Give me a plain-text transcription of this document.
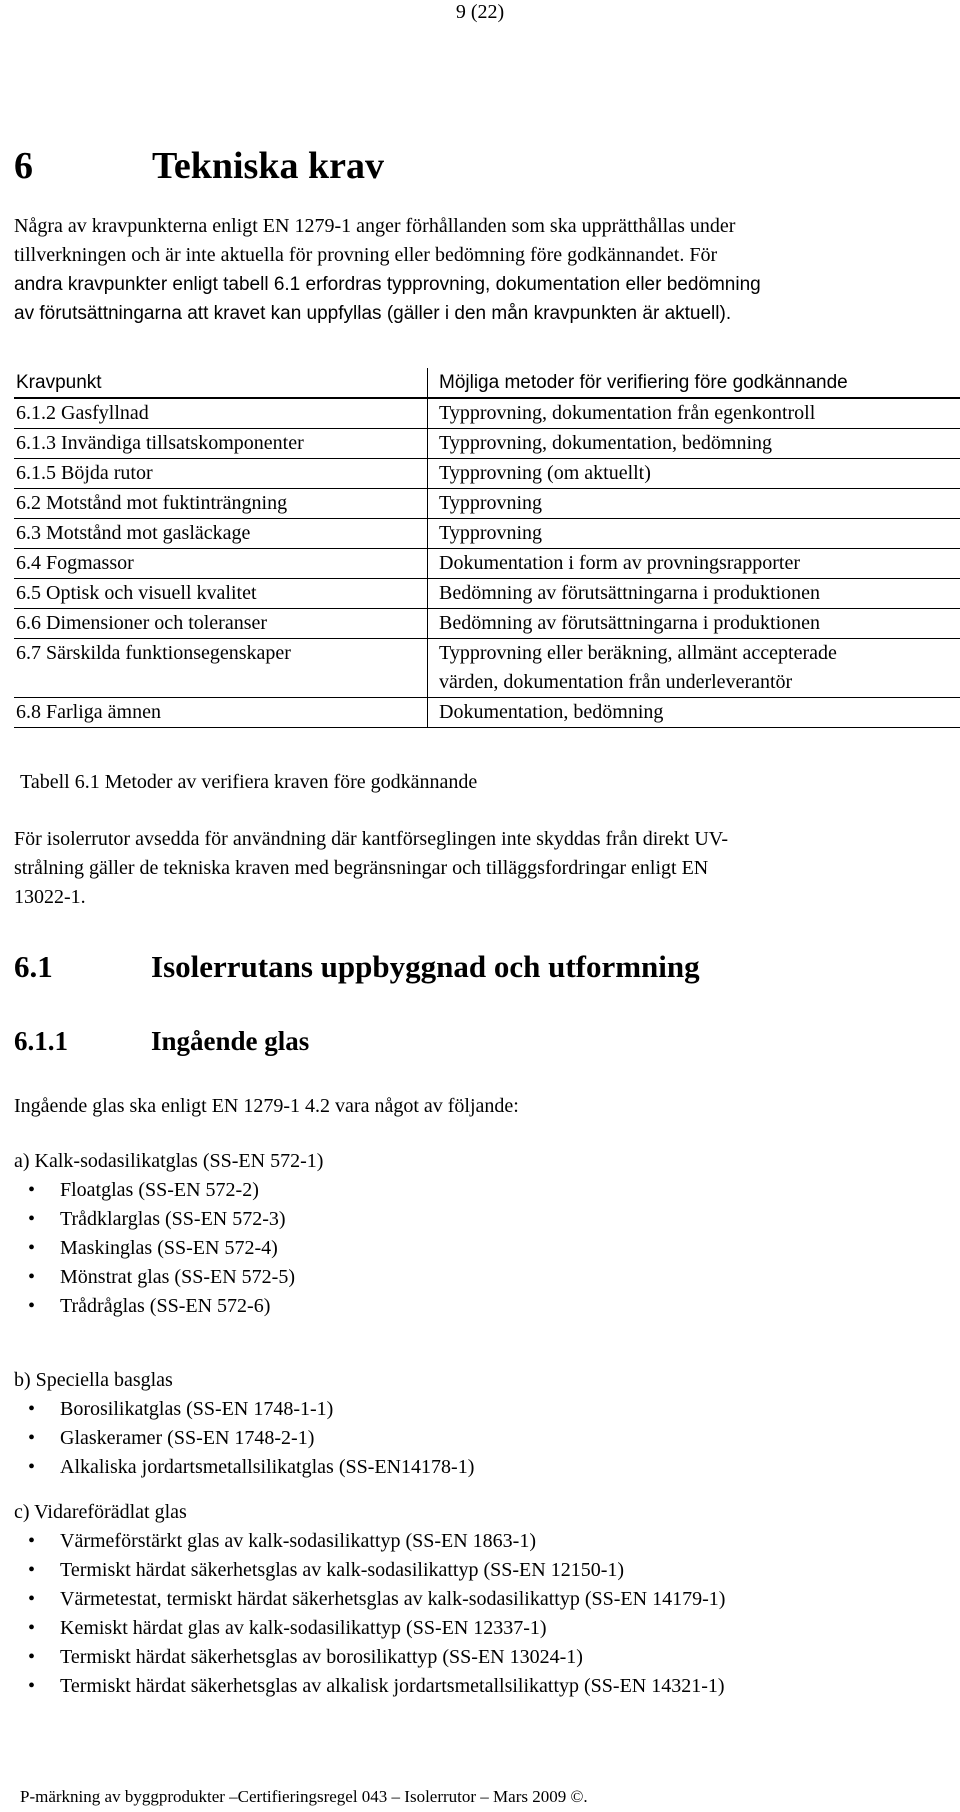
9 (22)
6	Tekniska krav

Några av kravpunkterna enligt EN 1279-1 anger förhållanden som ska upprätthållas under
tillverkningen och är inte aktuella för provning eller bedömning före godkännandet. För
andra kravpunkter enligt tabell 6.1 erfordras typprovning, dokumentation eller bedömning
av förutsättningarna att kravet kan uppfyllas (gäller i den mån kravpunkten är aktuell).

Kravpunkt	Möjliga metoder för verifiering före godkännande
6.1.2 Gasfyllnad	Typprovning, dokumentation från egenkontroll

6.1.3 Invändiga tillsatskomponenter	Typprovning, dokumentation, bedömning

6.1.5 Böjda rutor	Typprovning (om aktuellt)

6.2 Motstånd mot fuktinträngning	Typprovning

6.3 Motstånd mot gasläckage	Typprovning

6.4 Fogmassor	Dokumentation i form av provningsrapporter

6.5 Optisk och visuell kvalitet	Bedömning av förutsättningarna i produktionen

6.6 Dimensioner och toleranser	Bedömning av förutsättningarna i produktionen

6.7 Särskilda funktionsegenskaper	Typprovning eller beräkning, allmänt accepterade
värden, dokumentation från underleverantör

6.8 Farliga ämnen	Dokumentation, bedömning
Tabell 6.1 Metoder av verifiera kraven före godkännande

För isolerrutor avsedda för användning där kantförseglingen inte skyddas från direkt UV-
strålning gäller de tekniska kraven med begränsningar och tilläggsfordringar enligt EN
13022-1.

6.1	Isolerrutans uppbyggnad och utformning
6.1.1	Ingående glas

Ingående glas ska enligt EN 1279-1 4.2 vara något av följande:

a) Kalk-sodasilikatglas (SS-EN 572-1)
• Floatglas (SS-EN 572-2)
• Trådklarglas (SS-EN 572-3)
• Maskinglas (SS-EN 572-4)
• Mönstrat glas (SS-EN 572-5)
• Trådråglas (SS-EN 572-6)
b) Speciella basglas
• Borosilikatglas (SS-EN 1748-1-1)
• Glaskeramer (SS-EN 1748-2-1)
• Alkaliska jordartsmetallsilikatglas (SS-EN14178-1)
c) Vidareförädlat glas
• Värmeförstärkt glas av kalk-sodasilikattyp (SS-EN 1863-1)
• Termiskt härdat säkerhetsglas av kalk-sodasilikattyp (SS-EN 12150-1)
• Värmetestat, termiskt härdat säkerhetsglas av kalk-sodasilikattyp (SS-EN 14179-1)
• Kemiskt härdat glas av kalk-sodasilikattyp (SS-EN 12337-1)
• Termiskt härdat säkerhetsglas av borosilikattyp (SS-EN 13024-1)
• Termiskt härdat säkerhetsglas av alkalisk jordartsmetallsilikattyp (SS-EN 14321-1)
P-märkning av byggprodukter –Certifieringsregel 043 – Isolerrutor – Mars 2009 ©.
